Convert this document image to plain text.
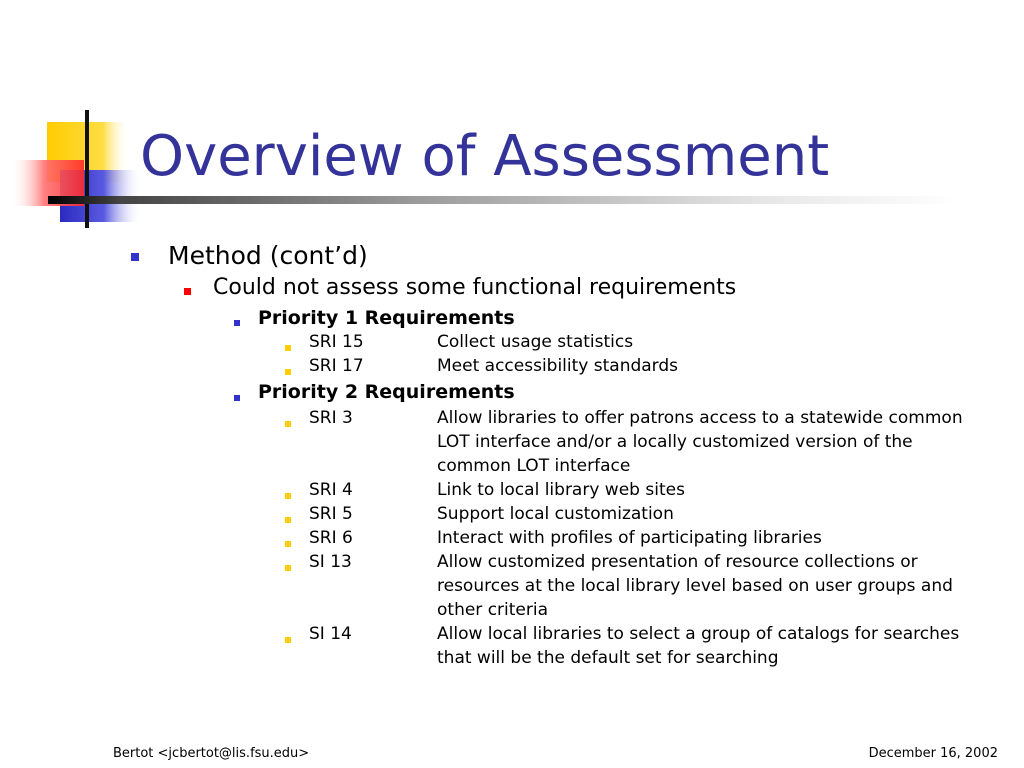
Overview of Assessment
Method (cont’d)
Could not assess some functional requirements
Priority 1 Requirements
SRI 15	Collect usage statistics
SRI 17	Meet accessibility standards
Priority 2 Requirements
SRI 3	Allow libraries to offer patrons access to a statewide common
LOT interface and/or a locally customized version of the
common LOT interface
SRI 4	Link to local library web sites
SRI 5	Support local customization
SRI 6	Interact with profiles of participating libraries
SI 13	Allow customized presentation of resource collections or
resources at the local library level based on user groups and
other criteria
SI 14	Allow local libraries to select a group of catalogs for searches
that will be the default set for searching
Bertot <jcbertot@lis.fsu.edu>	December 16, 2002
